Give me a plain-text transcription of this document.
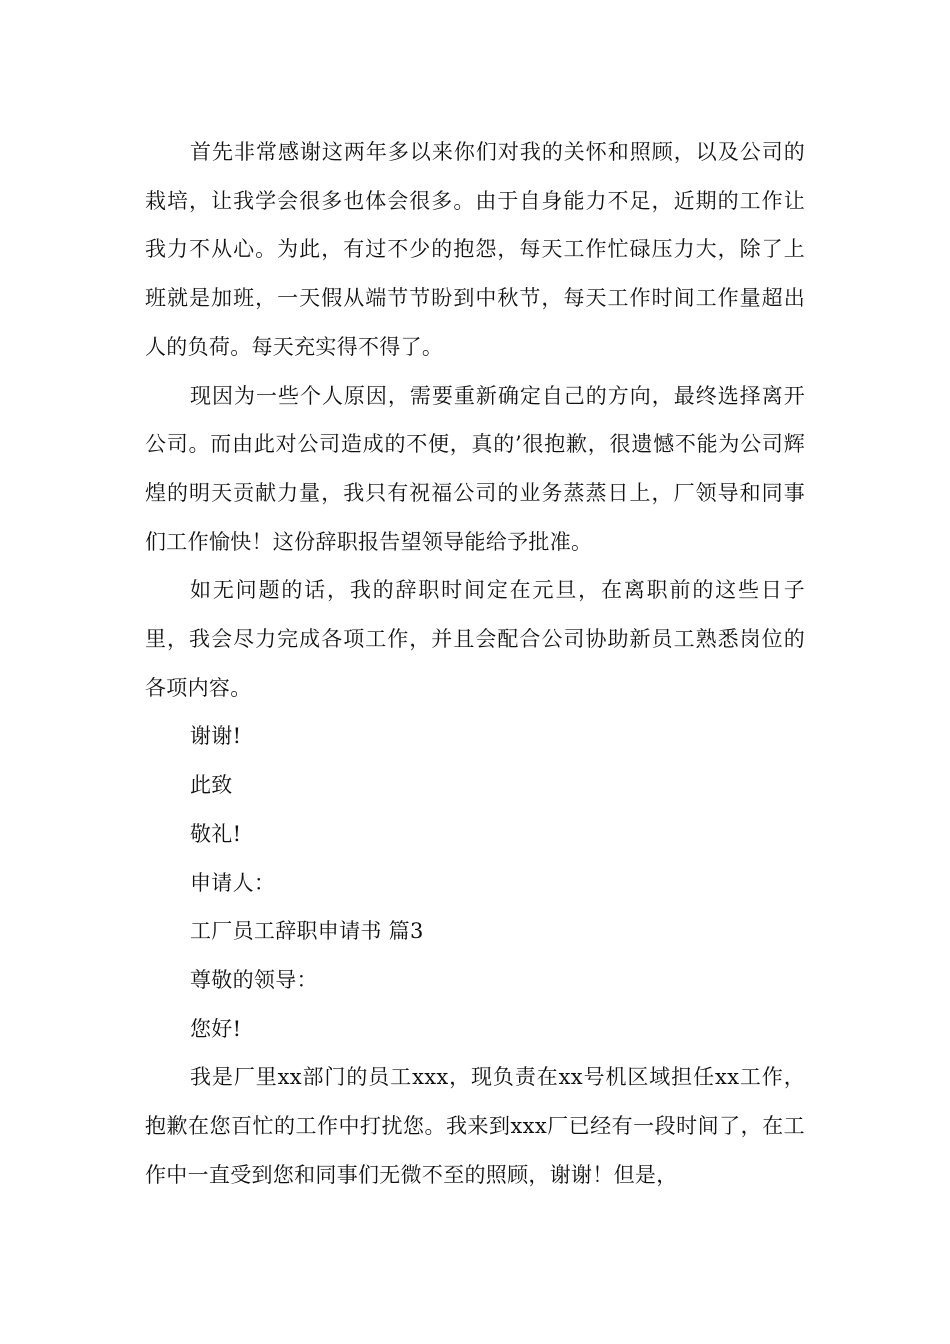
首先非常感谢这两年多以来你们对我的关怀和照顾，以及公司的栽培，让我学会很多也体会很多。由于自身能力不足，近期的工作让我力不从心。为此，有过不少的抱怨，每天工作忙碌压力大，除了上班就是加班，一天假从端节节盼到中秋节，每天工作时间工作量超出人的负荷。每天充实得不得了。

现因为一些个人原因，需要重新确定自己的方向，最终选择离开公司。而由此对公司造成的不便，真的’很抱歉，很遗憾不能为公司辉煌的明天贡献力量，我只有祝福公司的业务蒸蒸日上，厂领导和同事们工作愉快！这份辞职报告望领导能给予批准。

如无问题的话，我的辞职时间定在元旦，在离职前的这些日子里，我会尽力完成各项工作，并且会配合公司协助新员工熟悉岗位的各项内容。

谢谢!

此致

敬礼!

申请人：

工厂员工辞职申请书 篇3

尊敬的领导：

您好!

我是厂里xx部门的员工xxx，现负责在xx号机区域担任xx工作，抱歉在您百忙的工作中打扰您。我来到xxx厂已经有一段时间了，在工作中一直受到您和同事们无微不至的照顾，谢谢！但是，
